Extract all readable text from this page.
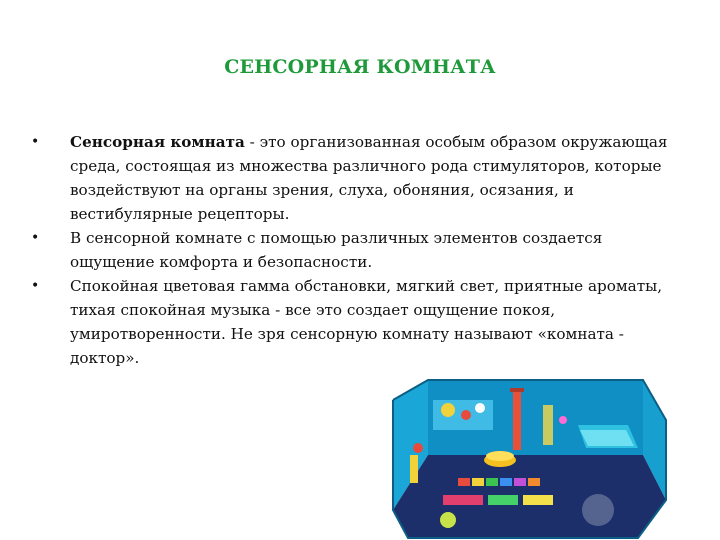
СЕНСОРНАЯ КОМНАТА
• Сенсорная комната - это организованная особым образом окружающая среда, состоящая из множества различного рода стимуляторов, которые воздействуют на органы зрения, слуха, обоняния, осязания, и вестибулярные рецепторы.
• В сенсорной комнате с помощью различных элементов создается ощущение комфорта и безопасности.
• Спокойная цветовая гамма обстановки, мягкий свет, приятные ароматы, тихая спокойная музыка - все это создает ощущение покоя, умиротворенности. Не зря сенсорную комнату называют «комната - доктор».
